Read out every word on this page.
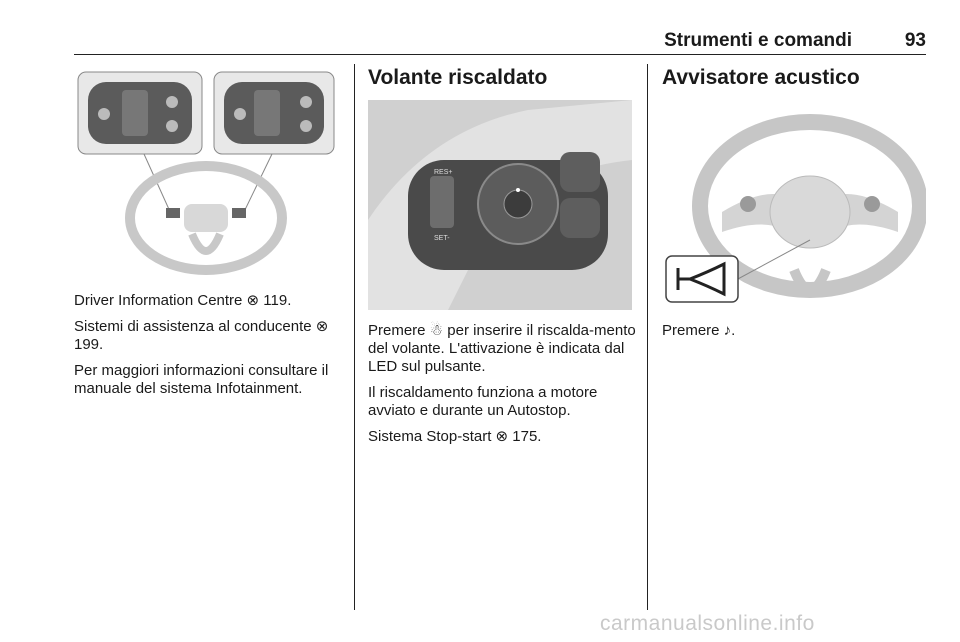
Strumenti e comandi	93

Driver Information Centre ⊗ 119.

Sistemi di assistenza al conducente ⊗ 199.

Per maggiori informazioni consultare il manuale del sistema Infotainment.

Volante riscaldato
RES+
SET-

Premere ☃ per inserire il riscalda-mento del volante. L'attivazione è indicata dal LED sul pulsante.

Il riscaldamento funziona a motore avviato e durante un Autostop.

Sistema Stop-start ⊗ 175.

Avvisatore acustico

Premere ♪.

carmanualsonline.info
